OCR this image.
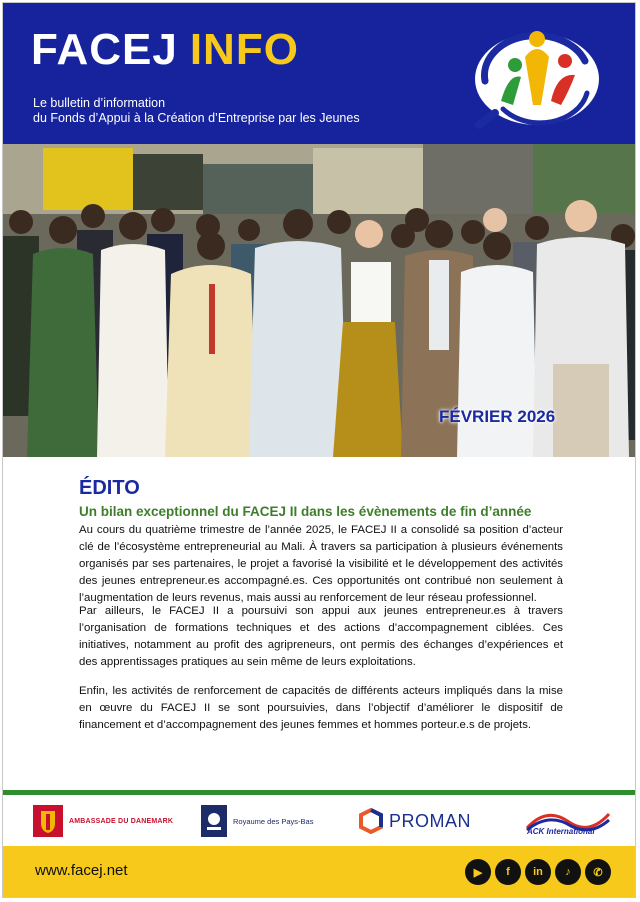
FACEJ INFO
Le bulletin d’information
du Fonds d’Appui à la Création d’Entreprise par les Jeunes
FÉVRIER 2026
ÉDITO
Un bilan exceptionnel du FACEJ II dans les évènements de fin d’année

Au cours du quatrième trimestre de l’année 2025, le FACEJ II a consolidé sa position d’acteur clé de l’écosystème entrepreneurial au Mali. À travers sa participation à plusieurs événements organisés par ses partenaires, le projet a favorisé la visibilité et le développement des activités des jeunes entrepreneur.es accompagné.es. Ces opportunités ont contribué non seulement à l’augmentation de leurs revenus, mais aussi au renforcement de leur réseau professionnel.

Par ailleurs, le FACEJ II a poursuivi son appui aux jeunes entrepreneur.es à travers l’organisation de formations techniques et des actions d’accompagnement ciblées. Ces initiatives, notamment au profit des agripreneurs, ont permis des échanges d’expériences et des apprentissages pratiques au sein même de leurs exploitations.

Enfin, les activités de renforcement de capacités de différents acteurs impliqués dans la mise en œuvre du FACEJ II se sont poursuivies, dans l’objectif d’améliorer le dispositif de financement et d’accompagnement des jeunes femmes et hommes porteur.e.s de projets.

AMBASSADE DU DANEMARK	Royaume des Pays-Bas	PROMAN
ACK International
www.facej.net	▶	f	in	♪	✆
